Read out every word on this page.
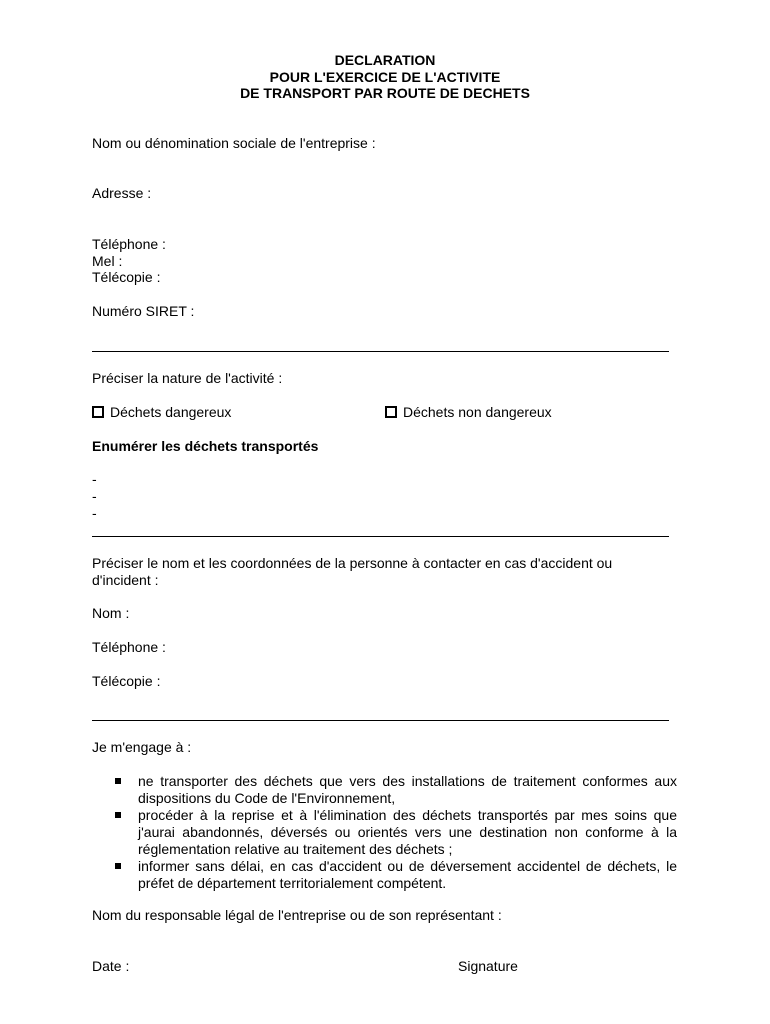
DECLARATION
POUR L'EXERCICE DE L'ACTIVITE
DE TRANSPORT PAR ROUTE DE DECHETS
Nom ou dénomination sociale de l'entreprise :
Adresse :
Téléphone :
Mel :
Télécopie :
Numéro SIRET :
Préciser la nature de l'activité :
Déchets dangereux	Déchets non dangereux
Enumérer les déchets transportés
-
-
-
Préciser le nom et les coordonnées de la personne à contacter en cas d'accident ou
d'incident :
Nom :
Téléphone :
Télécopie :
Je m'engage à :
ne transporter des déchets que vers des installations de traitement conformes aux dispositions du Code de l'Environnement,
procéder à la reprise et à l'élimination des déchets transportés par mes soins que j'aurai abandonnés, déversés ou orientés vers une destination non conforme à la réglementation relative au traitement des déchets ;
informer sans délai, en cas d'accident ou de déversement accidentel de déchets, le préfet de département territorialement compétent.
Nom du responsable légal de l'entreprise ou de son représentant :
Date :	Signature
